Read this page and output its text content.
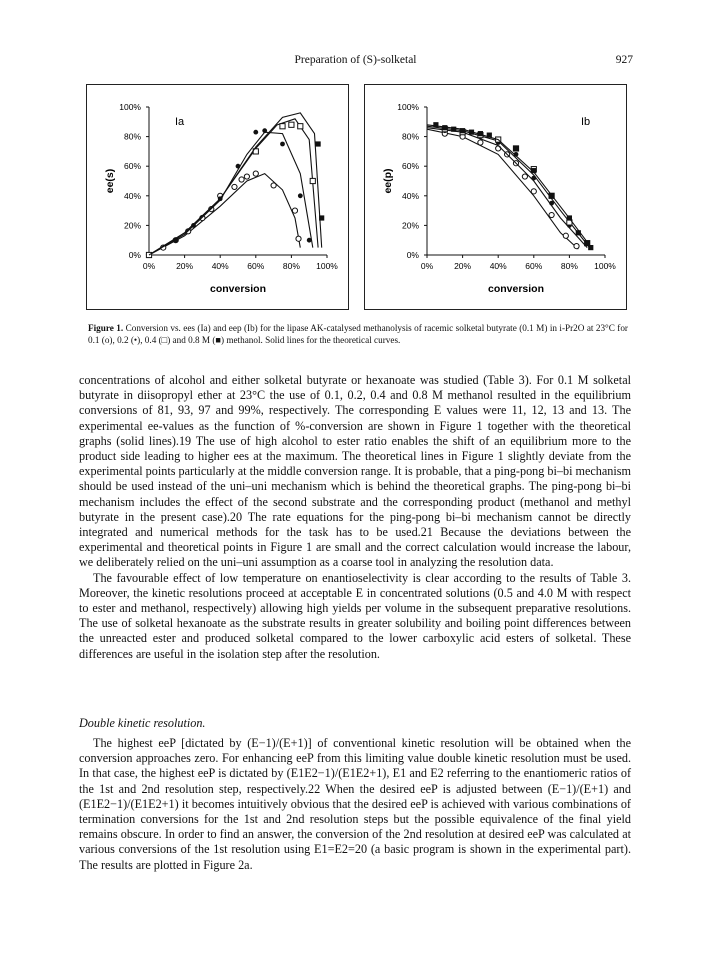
Preparation of (S)-solketal	927
0%
20%
40%
60%
80%
100%
0% 20% 40% 60% 80% 100%
conversion
ee(s)
Ia
0%
20%
40%
60%
80%
100%
0% 20% 40% 60% 80% 100%
conversion
ee(p)
Ib
Figure 1. Conversion vs. ees (Ia) and eep (Ib) for the lipase AK-catalysed methanolysis of racemic solketal butyrate (0.1 M) in i-Pr2O at 23°C for 0.1 (o), 0.2 (•), 0.4 (□) and 0.8 M (■) methanol. Solid lines for the theoretical curves.

concentrations of alcohol and either solketal butyrate or hexanoate was studied (Table 3). For 0.1 M solketal butyrate in diisopropyl ether at 23°C the use of 0.1, 0.2, 0.4 and 0.8 M methanol resulted in the equilibrium conversions of 81, 93, 97 and 99%, respectively. The corresponding E values were 11, 12, 13 and 13. The experimental ee-values as the function of %-conversion are shown in Figure 1 together with the theoretical graphs (solid lines).19 The use of high alcohol to ester ratio enables the shift of an equilibrium more to the product side leading to higher ees at the maximum. The theoretical lines in Figure 1 slightly deviate from the experimental points particularly at the middle conversion range. It is probable, that a ping-pong bi–bi mechanism should be used instead of the uni–uni mechanism which is behind the theoretical graphs. The ping-pong bi–bi mechanism includes the effect of the second substrate and the corresponding product (methanol and methyl butyrate in the present case).20 The rate equations for the ping-pong bi–bi mechanism cannot be directly integrated and numerical methods for the task has to be used.21 Because the deviations between the experimental and theoretical points in Figure 1 are small and the correct calculation would increase the labour, we deliberately relied on the uni–uni assumption as a coarse tool in analyzing the resolution data.

The favourable effect of low temperature on enantioselectivity is clear according to the results of Table 3. Moreover, the kinetic resolutions proceed at acceptable E in concentrated solutions (0.5 and 4.0 M with respect to ester and methanol, respectively) allowing high yields per volume in the subsequent preparative resolutions. The use of solketal hexanoate as the substrate results in greater solubility and boiling point differences between the unreacted ester and produced solketal compared to the lower carboxylic acid esters of solketal. These differences are useful in the isolation step after the resolution.

Double kinetic resolution.

The highest eeP [dictated by (E−1)/(E+1)] of conventional kinetic resolution will be obtained when the conversion approaches zero. For enhancing eeP from this limiting value double kinetic resolution must be used. In that case, the highest eeP is dictated by (E1E2−1)/(E1E2+1), E1 and E2 referring to the enantiomeric ratios of the 1st and 2nd resolution step, respectively.22 When the desired eeP is adjusted between (E−1)/(E+1) and (E1E2−1)/(E1E2+1) it becomes intuitively obvious that the desired eeP is achieved with various combinations of termination conversions for the 1st and 2nd resolution steps but the possible equivalence of the final yield remains obscure. In order to find an answer, the conversion of the 2nd resolution at desired eeP was calculated at various conversions of the 1st resolution using E1=E2=20 (a basic program is shown in the experimental part). The results are plotted in Figure 2a.
